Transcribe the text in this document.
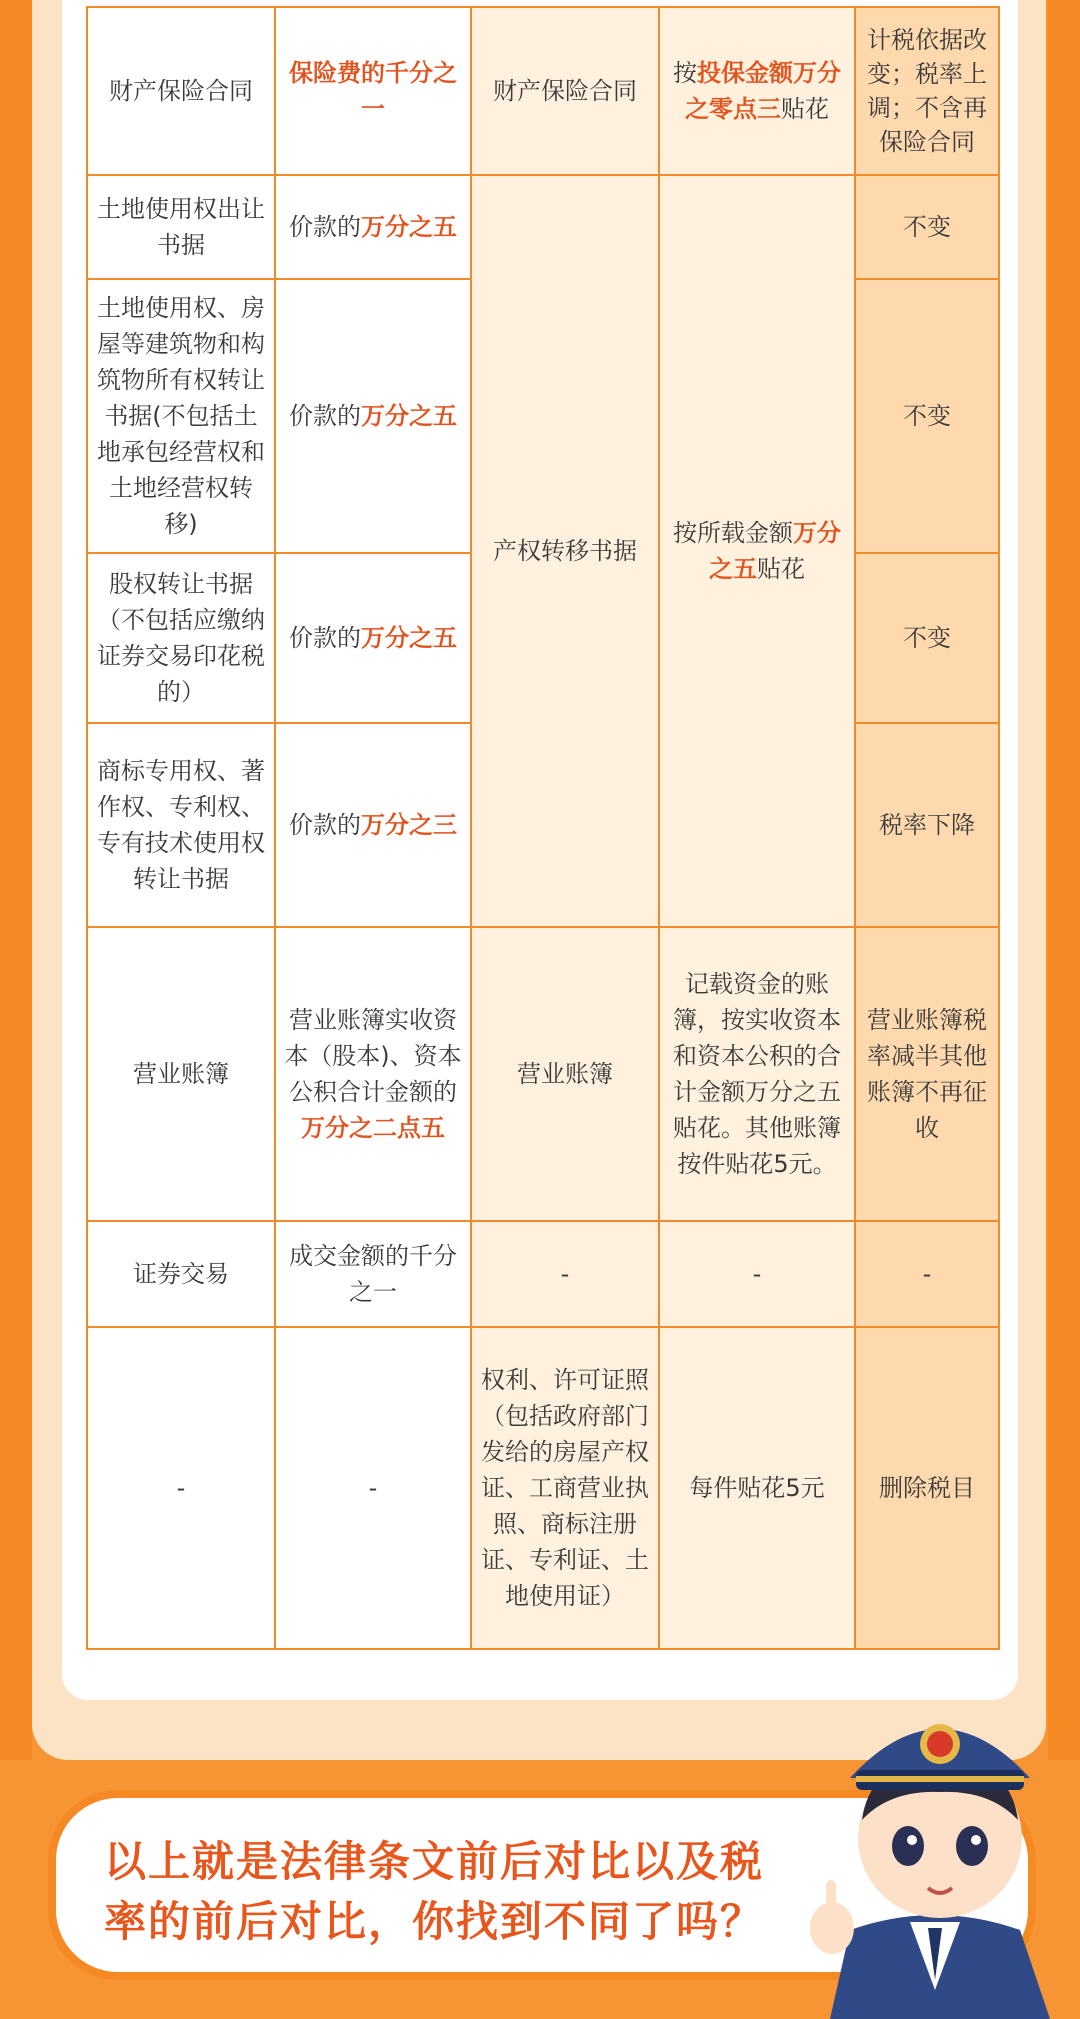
财产保险合同	保险费的千分之一	财产保险合同	按投保金额万分之零点三贴花	计税依据改变；税率上调；不含再保险合同
土地使用权出让书据	价款的万分之五	产权转移书据	按所载金额万分之五贴花	不变
土地使用权、房屋等建筑物和构筑物所有权转让书据(不包括土地承包经营权和土地经营权转移)	价款的万分之五			不变
股权转让书据（不包括应缴纳证券交易印花税的）	价款的万分之五			不变
商标专用权、著作权、专利权、专有技术使用权转让书据	价款的万分之三			税率下降
营业账簿	营业账簿实收资本（股本)、资本公积合计金额的万分之二点五	营业账簿	记载资金的账簿，按实收资本和资本公积的合计金额万分之五贴花。其他账簿按件贴花5元。	营业账簿税率减半其他账簿不再征收
证券交易	成交金额的千分之一	-	-	-
-	-	权利、许可证照（包括政府部门发给的房屋产权证、工商营业执照、商标注册证、专利证、土地使用证）	每件贴花5元	删除税目
以上就是法律条文前后对比以及税
率的前后对比，你找到不同了吗？
